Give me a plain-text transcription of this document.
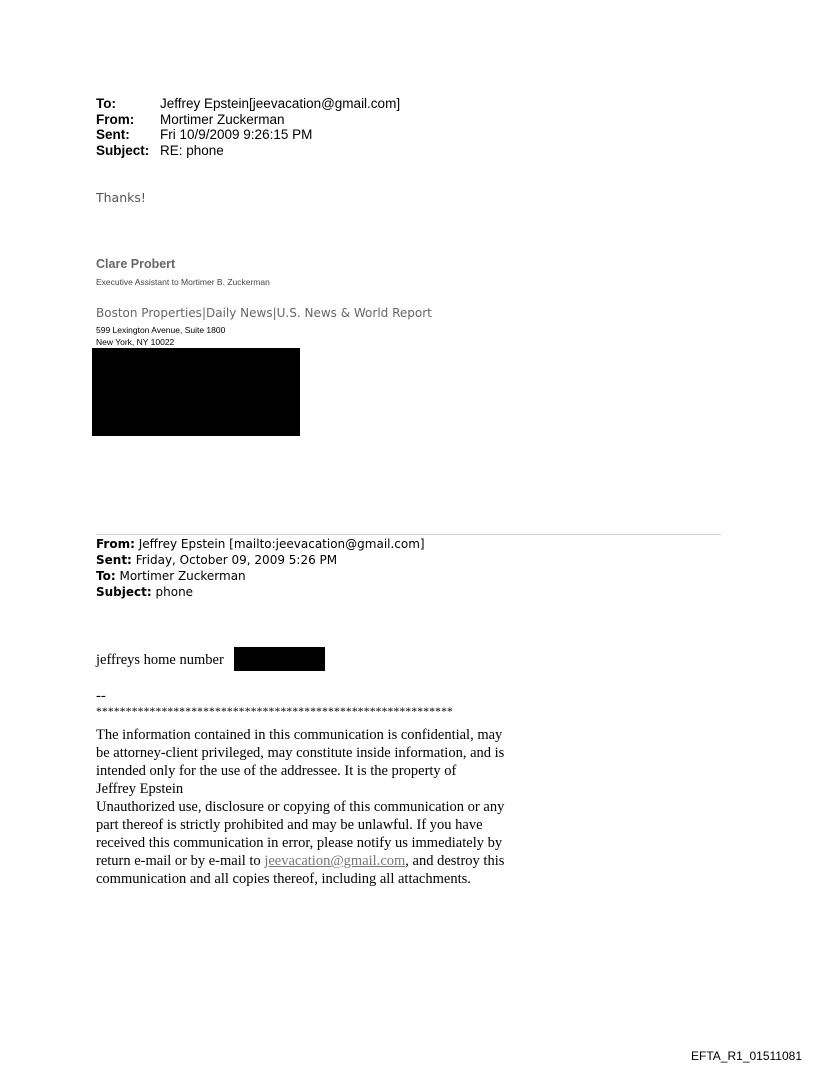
To:	Jeffrey Epstein[jeevacation@gmail.com]
From:	Mortimer Zuckerman
Sent:	Fri 10/9/2009 9:26:15 PM
Subject: RE: phone
Thanks!
Clare Probert
Executive Assistant to Mortimer B. Zuckerman
Boston Properties|Daily News|U.S. News & World Report
599 Lexington Avenue, Suite 1800
New York, NY 10022
From: Jeffrey Epstein [mailto:jeevacation@gmail.com]
Sent: Friday, October 09, 2009 5:26 PM
To: Mortimer Zuckerman
Subject: phone
jeffreys home number
--
************************************************************
The information contained in this communication is confidential, may be attorney-client privileged, may constitute inside information, and is intended only for the use of the addressee. It is the property of
Jeffrey Epstein
Unauthorized use, disclosure or copying of this communication or any part thereof is strictly prohibited and may be unlawful. If you have received this communication in error, please notify us immediately by return e-mail or by e-mail to jeevacation@gmail.com, and destroy this communication and all copies thereof, including all attachments.
EFTA_R1_01511081
